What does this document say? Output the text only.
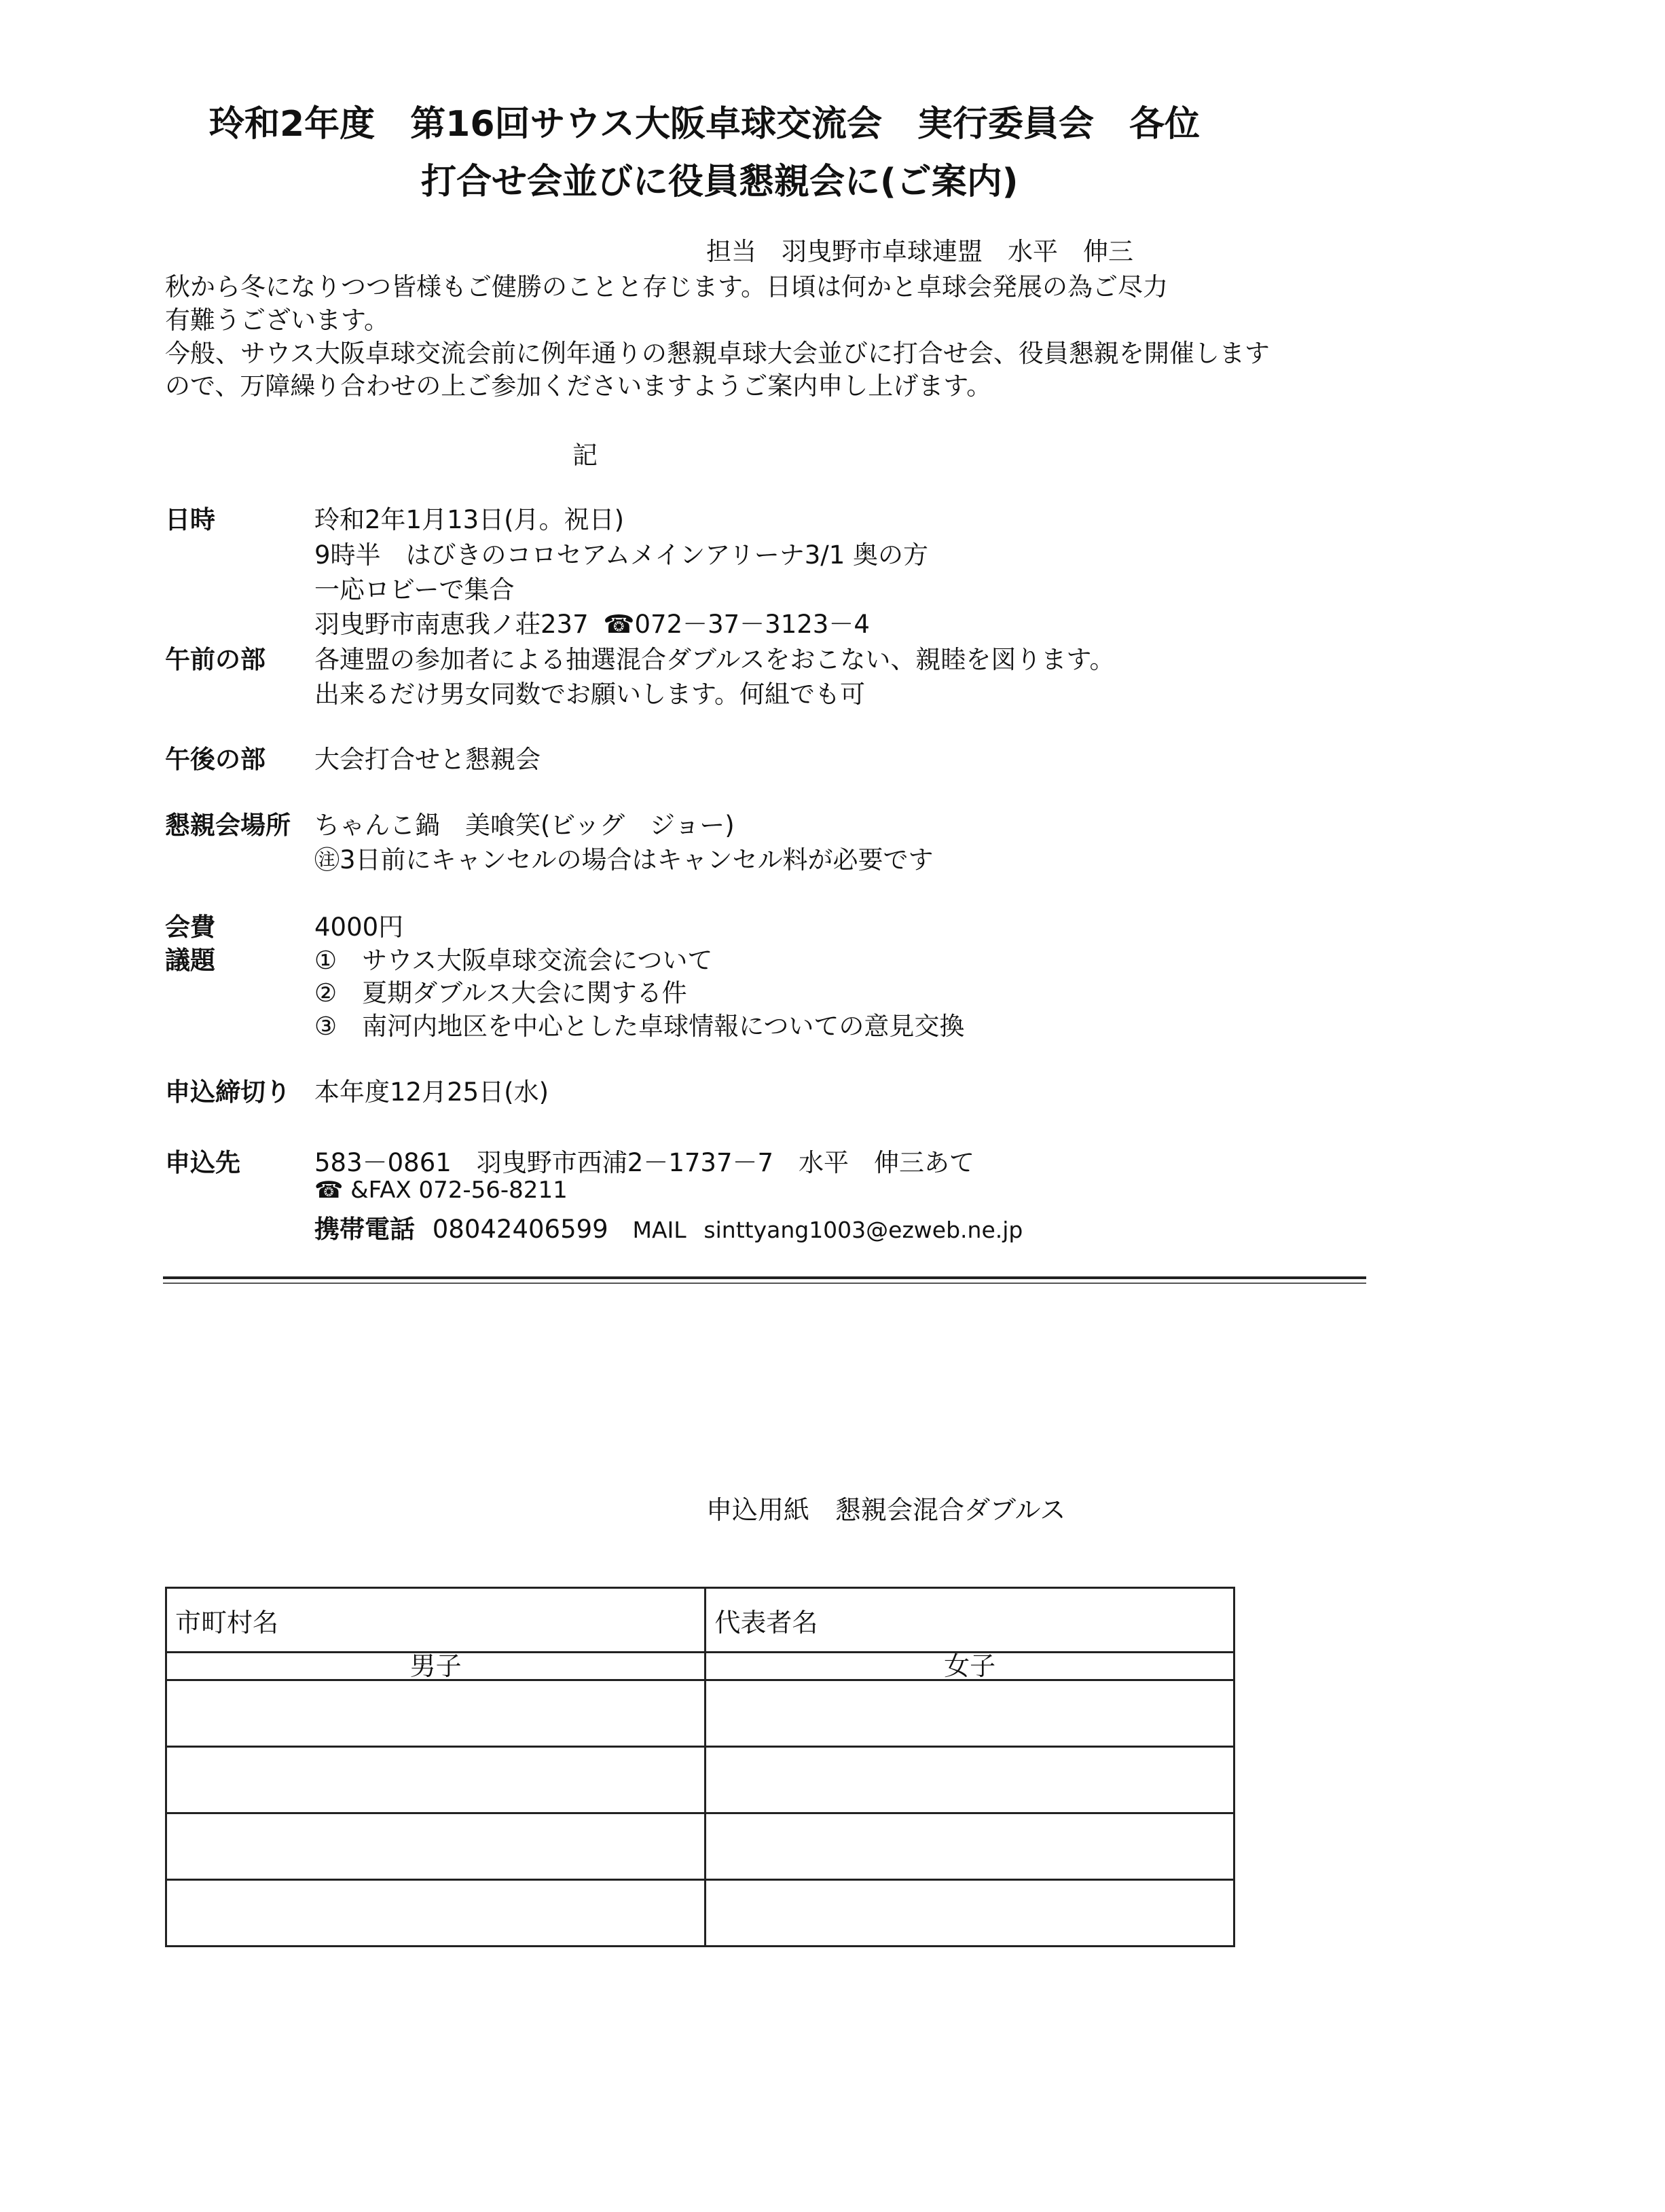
玲和2年度　第16回サウス大阪卓球交流会　実行委員会　各位
打合せ会並びに役員懇親会に(ご案内)
担当　羽曳野市卓球連盟　水平　伸三
秋から冬になりつつ皆様もご健勝のことと存じます。日頃は何かと卓球会発展の為ご尽力
有難うございます。
今般、サウス大阪卓球交流会前に例年通りの懇親卓球大会並びに打合せ会、役員懇親を開催します
ので、万障繰り合わせの上ご参加くださいますようご案内申し上げます。
記
日時	玲和2年1月13日(月。祝日)
9時半　はびきのコロセアムメインアリーナ3/1 奥の方
一応ロビーで集合
羽曳野市南恵我ノ荘237 ☎072－37－3123－4
午前の部 各連盟の参加者による抽選混合ダブルスをおこない、親睦を図ります。
出来るだけ男女同数でお願いします。何組でも可
午後の部 大会打合せと懇親会
懇親会場所 ちゃんこ鍋　美喰笑(ビッグ　ジョー)
㊟3日前にキャンセルの場合はキャンセル料が必要です
会費	4000円
議題	①　サウス大阪卓球交流会について
②　夏期ダブルス大会に関する件
③　南河内地区を中心とした卓球情報についての意見交換
申込締切り 本年度12月25日(水)
申込先	583－0861　羽曳野市西浦2－1737－7　水平　伸三あて
☎ &FAX 072-56-8211
携帯電話 08042406599 MAIL sinttyang1003@ezweb.ne.jp
申込用紙　懇親会混合ダブルス
市町村名	代表者名
男子	女子
